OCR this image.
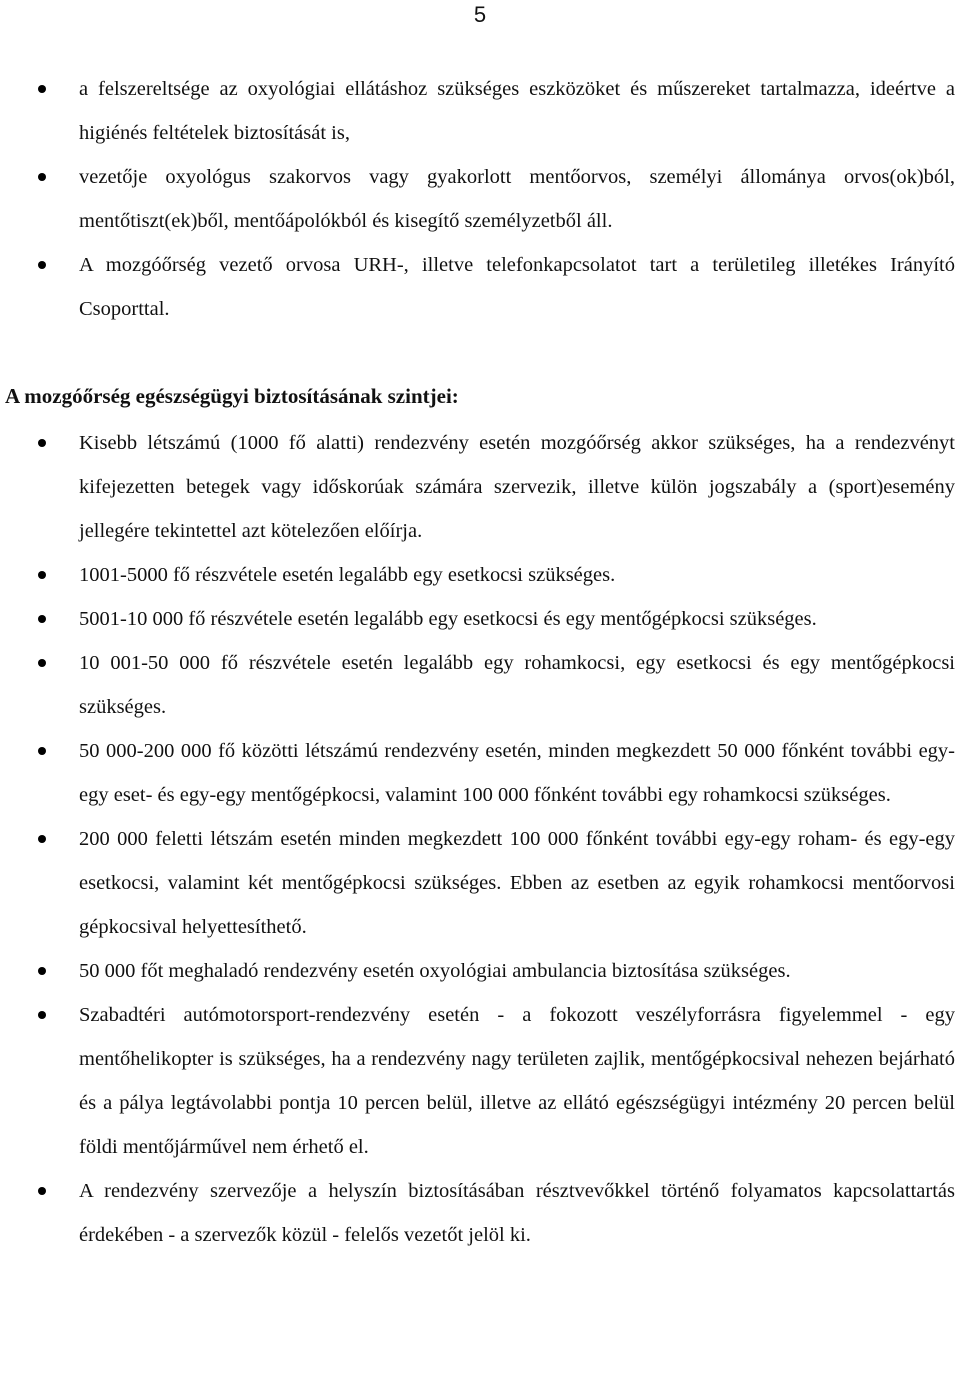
5
a felszereltsége az oxyológiai ellátáshoz szükséges eszközöket és műszereket tartalmazza, ideértve a higiénés feltételek biztosítását is,
vezetője oxyológus szakorvos vagy gyakorlott mentőorvos, személyi állománya orvos(ok)ból, mentőtiszt(ek)ből, mentőápolókból és kisegítő személyzetből áll.
A mozgóőrség vezető orvosa URH-, illetve telefonkapcsolatot tart a területileg illetékes Irányító Csoporttal.
A mozgóőrség egészségügyi biztosításának szintjei:
Kisebb létszámú (1000 fő alatti) rendezvény esetén mozgóőrség akkor szükséges, ha a rendezvényt kifejezetten betegek vagy időskorúak számára szervezik, illetve külön jogszabály a (sport)esemény jellegére tekintettel azt kötelezően előírja.
1001-5000 fő részvétele esetén legalább egy esetkocsi szükséges.
5001-10 000 fő részvétele esetén legalább egy esetkocsi és egy mentőgépkocsi szükséges.
10 001-50 000 fő részvétele esetén legalább egy rohamkocsi, egy esetkocsi és egy mentőgépkocsi szükséges.
50 000-200 000 fő közötti létszámú rendezvény esetén, minden megkezdett 50 000 főnként további egy-egy eset- és egy-egy mentőgépkocsi, valamint 100 000 főnként további egy rohamkocsi szükséges.
200 000 feletti létszám esetén minden megkezdett 100 000 főnként további egy-egy roham- és egy-egy esetkocsi, valamint két mentőgépkocsi szükséges. Ebben az esetben az egyik rohamkocsi mentőorvosi gépkocsival helyettesíthető.
50 000 főt meghaladó rendezvény esetén oxyológiai ambulancia biztosítása szükséges.
Szabadtéri autómotorsport-rendezvény esetén - a fokozott veszélyforrásra figyelemmel - egy mentőhelikopter is szükséges, ha a rendezvény nagy területen zajlik, mentőgépkocsival nehezen bejárható és a pálya legtávolabbi pontja 10 percen belül, illetve az ellátó egészségügyi intézmény 20 percen belül földi mentőjárművel nem érhető el.
A rendezvény szervezője a helyszín biztosításában résztvevőkkel történő folyamatos kapcsolattartás érdekében - a szervezők közül - felelős vezetőt jelöl ki.
